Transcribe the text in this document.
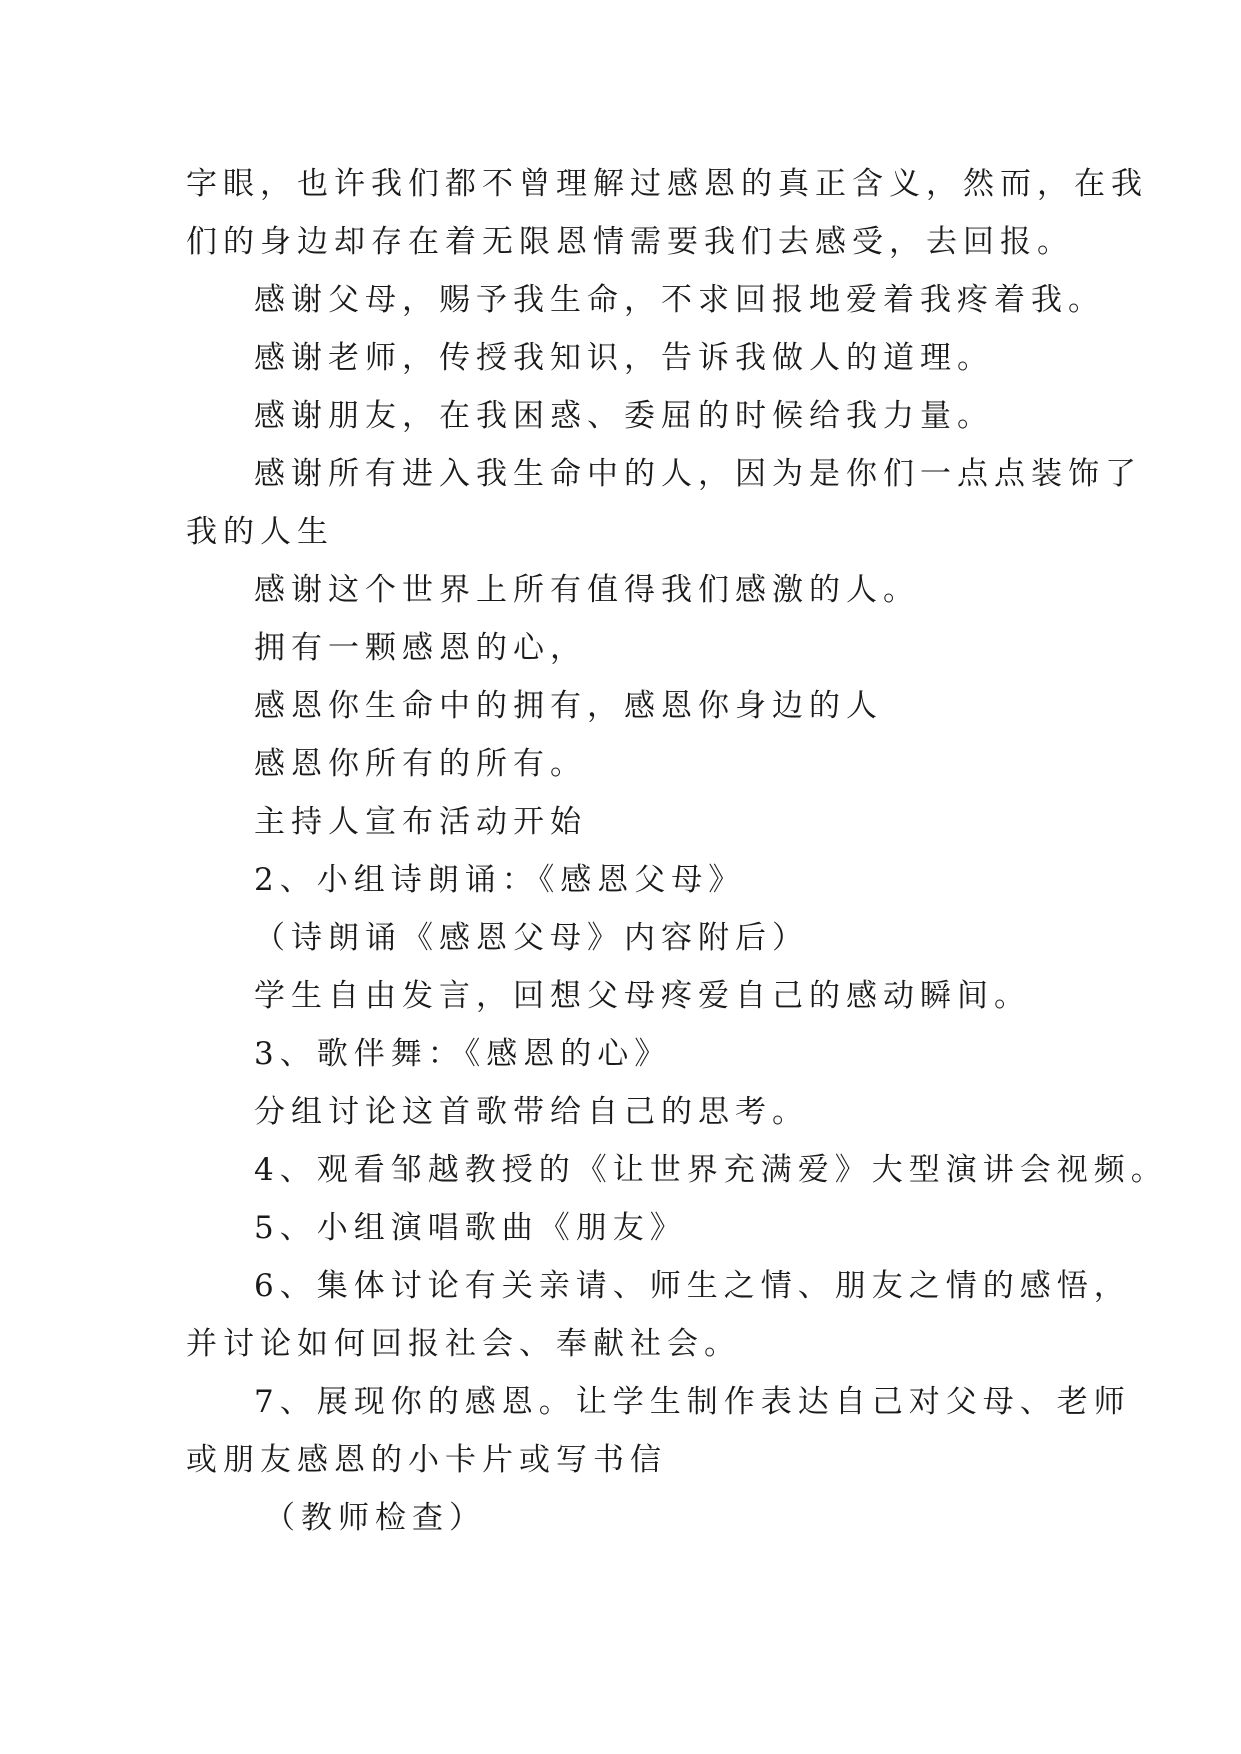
字眼，也许我们都不曾理解过感恩的真正含义，然而，在我
们的身边却存在着无限恩情需要我们去感受，去回报。
感谢父母，赐予我生命，不求回报地爱着我疼着我。
感谢老师，传授我知识，告诉我做人的道理。
感谢朋友，在我困惑、委屈的时候给我力量。
感谢所有进入我生命中的人，因为是你们一点点装饰了
我的人生
感谢这个世界上所有值得我们感激的人。
拥有一颗感恩的心，
感恩你生命中的拥有，感恩你身边的人
感恩你所有的所有。
主持人宣布活动开始
2、小组诗朗诵：《感恩父母》
（诗朗诵《感恩父母》内容附后）
学生自由发言，回想父母疼爱自己的感动瞬间。
3、歌伴舞：《感恩的心》
分组讨论这首歌带给自己的思考。
4、观看邹越教授的《让世界充满爱》大型演讲会视频。
5、小组演唱歌曲《朋友》
6、集体讨论有关亲请、师生之情、朋友之情的感悟，
并讨论如何回报社会、奉献社会。
7、展现你的感恩。让学生制作表达自己对父母、老师
或朋友感恩的小卡片或写书信
（教师检查）
